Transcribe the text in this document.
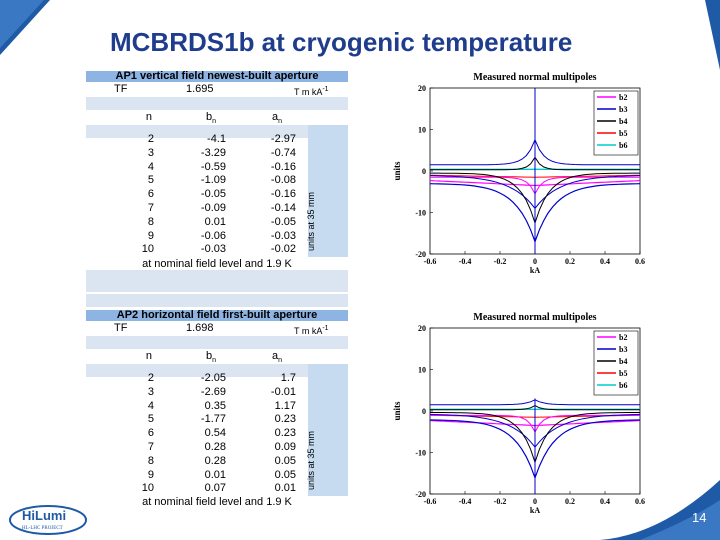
MCBRDS1b at cryogenic temperature
AP1 vertical field newest-built aperture
TF	1.695	T m $kA^{-1}$
n	$b_n$	$a_n$
units at 35 mm
2	-4.1	-2.97
3	-3.29	-0.74
4	-0.59	-0.16
5	-1.09	-0.08
6	-0.05	-0.16
7	-0.09	-0.14
8	0.01	-0.05
9	-0.06	-0.03
10	-0.03	-0.02
at nominal field level and 1.9 K
AP2 horizontal field first-built aperture
TF	1.698	T m $kA^{-1}$
n	$b_n$	$a_n$
units at 35 mm
2	-2.05	1.7
3	-2.69	-0.01
4	0.35	1.17
5	-1.77	0.23
6	0.54	0.23
7	0.28	0.09
8	0.28	0.05
9	0.01	0.05
10	0.07	0.01
at nominal field level and 1.9 K
Measured normal multipoles
-0.6	-0.4	-0.2	0	0.2	0.4	0.6
20
10
0
-10
-20
kA
units
b2
b3
b4
b5
b6
Measured normal multipoles
-0.6	-0.4	-0.2	0	0.2	0.4	0.6
20
10
0
-10
-20
kA
units
b2
b3
b4
b5
b6
HiLumi
HL-LHC PROJECT
14
